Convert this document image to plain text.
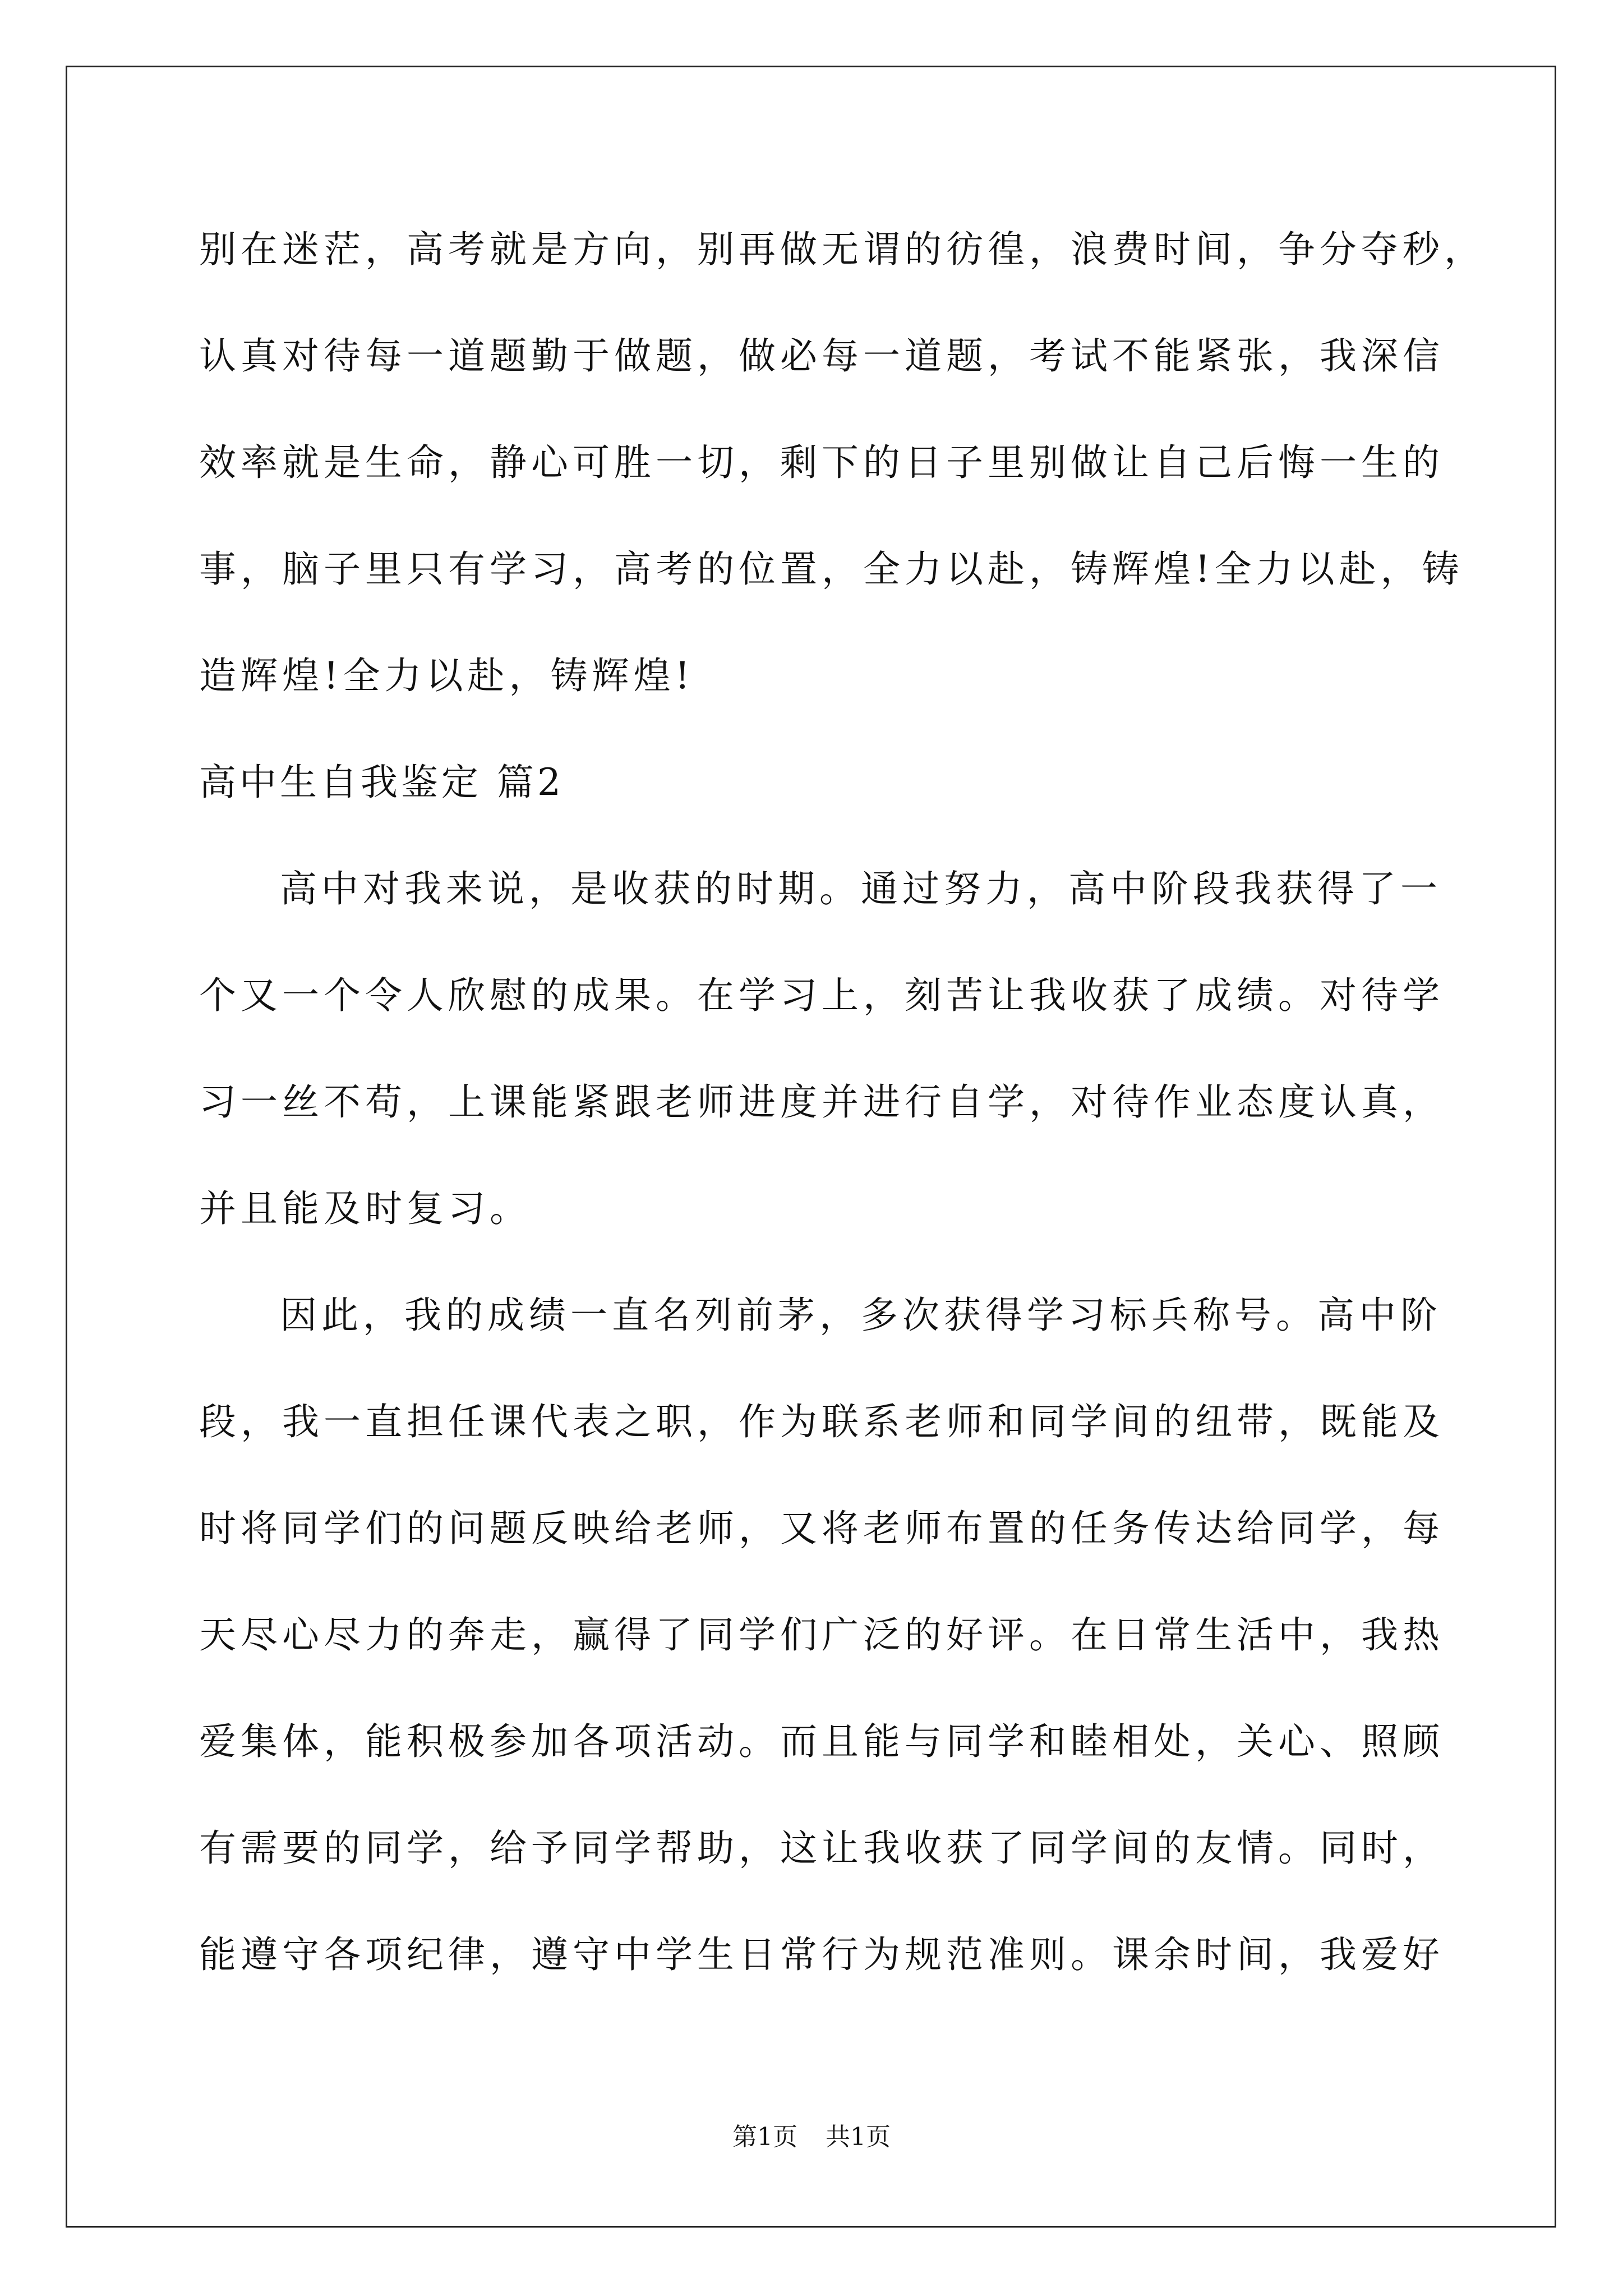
别在迷茫，高考就是方向，别再做无谓的彷徨，浪费时间，争分夺秒，
认真对待每一道题勤于做题，做必每一道题，考试不能紧张，我深信
效率就是生命，静心可胜一切，剩下的日子里别做让自己后悔一生的
事，脑子里只有学习，高考的位置，全力以赴，铸辉煌!全力以赴，铸
造辉煌!全力以赴，铸辉煌!
高中生自我鉴定 篇2
高中对我来说，是收获的时期。通过努力，高中阶段我获得了一
个又一个令人欣慰的成果。在学习上，刻苦让我收获了成绩。对待学
习一丝不苟，上课能紧跟老师进度并进行自学，对待作业态度认真，
并且能及时复习。
因此，我的成绩一直名列前茅，多次获得学习标兵称号。高中阶
段，我一直担任课代表之职，作为联系老师和同学间的纽带，既能及
时将同学们的问题反映给老师，又将老师布置的任务传达给同学，每
天尽心尽力的奔走，赢得了同学们广泛的好评。在日常生活中，我热
爱集体，能积极参加各项活动。而且能与同学和睦相处，关心、照顾
有需要的同学，给予同学帮助，这让我收获了同学间的友情。同时，
能遵守各项纪律，遵守中学生日常行为规范准则。课余时间，我爱好
第1页 共1页
